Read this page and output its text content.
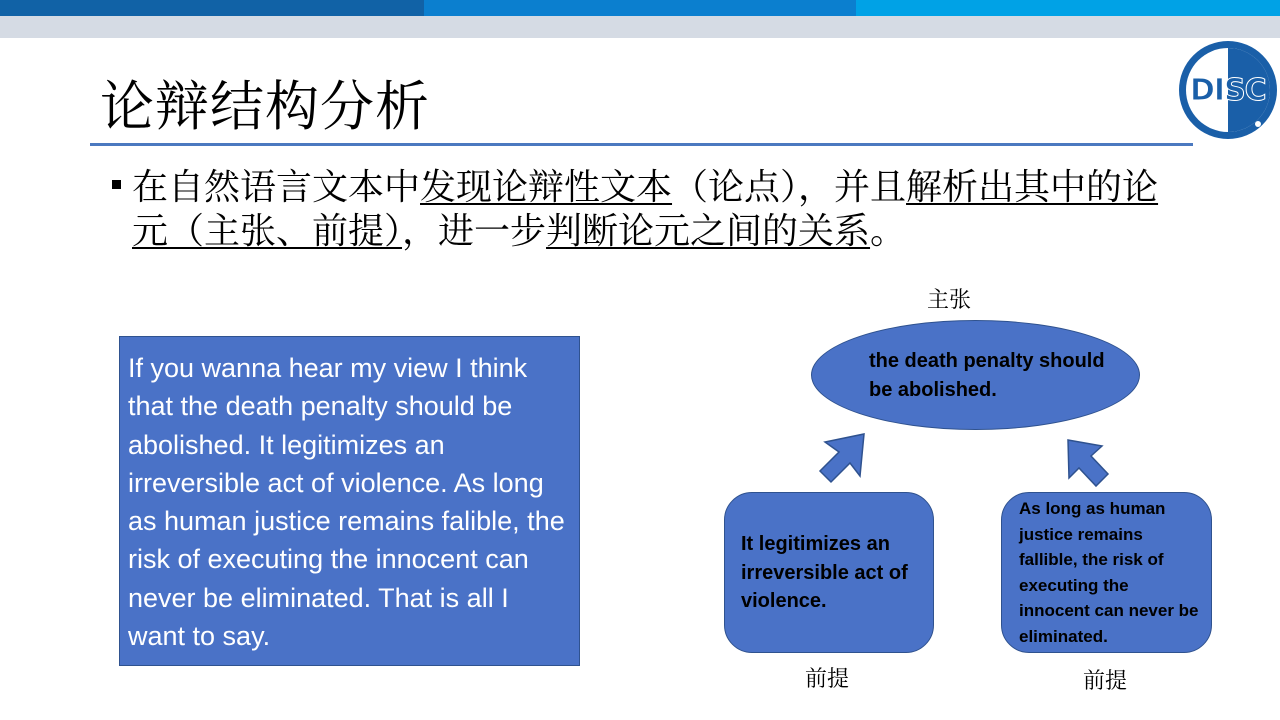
DISC
论辩结构分析
在自然语言文本中发现论辩性文本（论点），并且解析出其中的论元（主张、前提），进一步判断论元之间的关系。
If you wanna hear my view I think that the death penalty should be abolished. It legitimizes an irreversible act of violence. As long as human justice remains falible, the risk of executing the innocent can never be eliminated. That is all I want to say.
主张
the death penalty should be abolished.
It legitimizes an irreversible act of violence.
As long as human justice remains fallible, the risk of executing the innocent can never be eliminated.
前提	前提
